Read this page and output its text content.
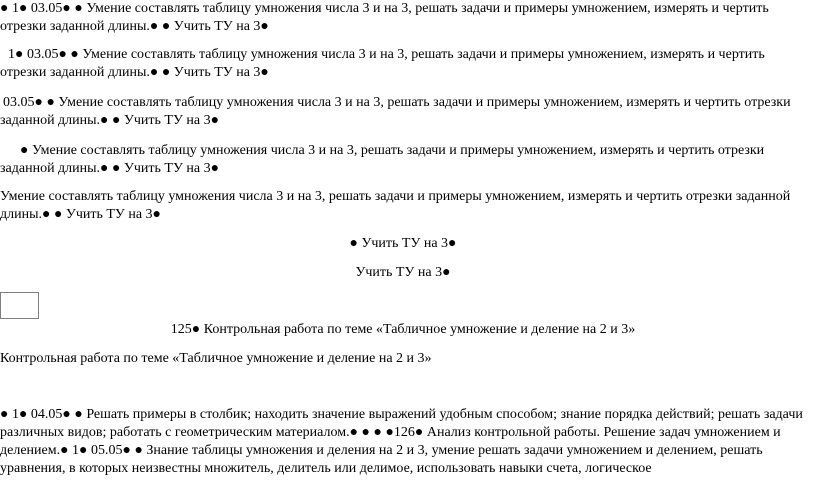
● 1● 03.05● ● Умение составлять таблицу умножения числа 3 и на 3, решать задачи и примеры умножением, измерять и чертить отрезки заданной длины.● ● Учить ТУ на 3●

1● 03.05● ● Умение составлять таблицу умножения числа 3 и на 3, решать задачи и примеры умножением, измерять и чертить отрезки заданной длины.● ● Учить ТУ на 3●

03.05● ● Умение составлять таблицу умножения числа 3 и на 3, решать задачи и примеры умножением, измерять и чертить отрезки заданной длины.● ● Учить ТУ на 3●

● Умение составлять таблицу умножения числа 3 и на 3, решать задачи и примеры умножением, измерять и чертить отрезки заданной длины.● ● Учить ТУ на 3●

Умение составлять таблицу умножения числа 3 и на 3, решать задачи и примеры умножением, измерять и чертить отрезки заданной длины.● ● Учить ТУ на 3●

● Учить ТУ на 3●

Учить ТУ на 3●

125● Контрольная работа по теме «Табличное умножение и деление на 2 и 3»

Контрольная работа по теме «Табличное умножение и деление на 2 и 3»

● 1● 04.05● ● Решать примеры в столбик; находить значение выражений удобным способом; знание порядка действий; решать задачи различных видов; работать с геометрическим материалом.● ● ● ●126● Анализ контрольной работы. Решение задач умножением и делением.● 1● 05.05● ● Знание таблицы умножения и деления на 2 и 3, умение решать задачи умножением и делением, решать уравнения, в которых неизвестны множитель, делитель или делимое, использовать навыки счета, логическое
